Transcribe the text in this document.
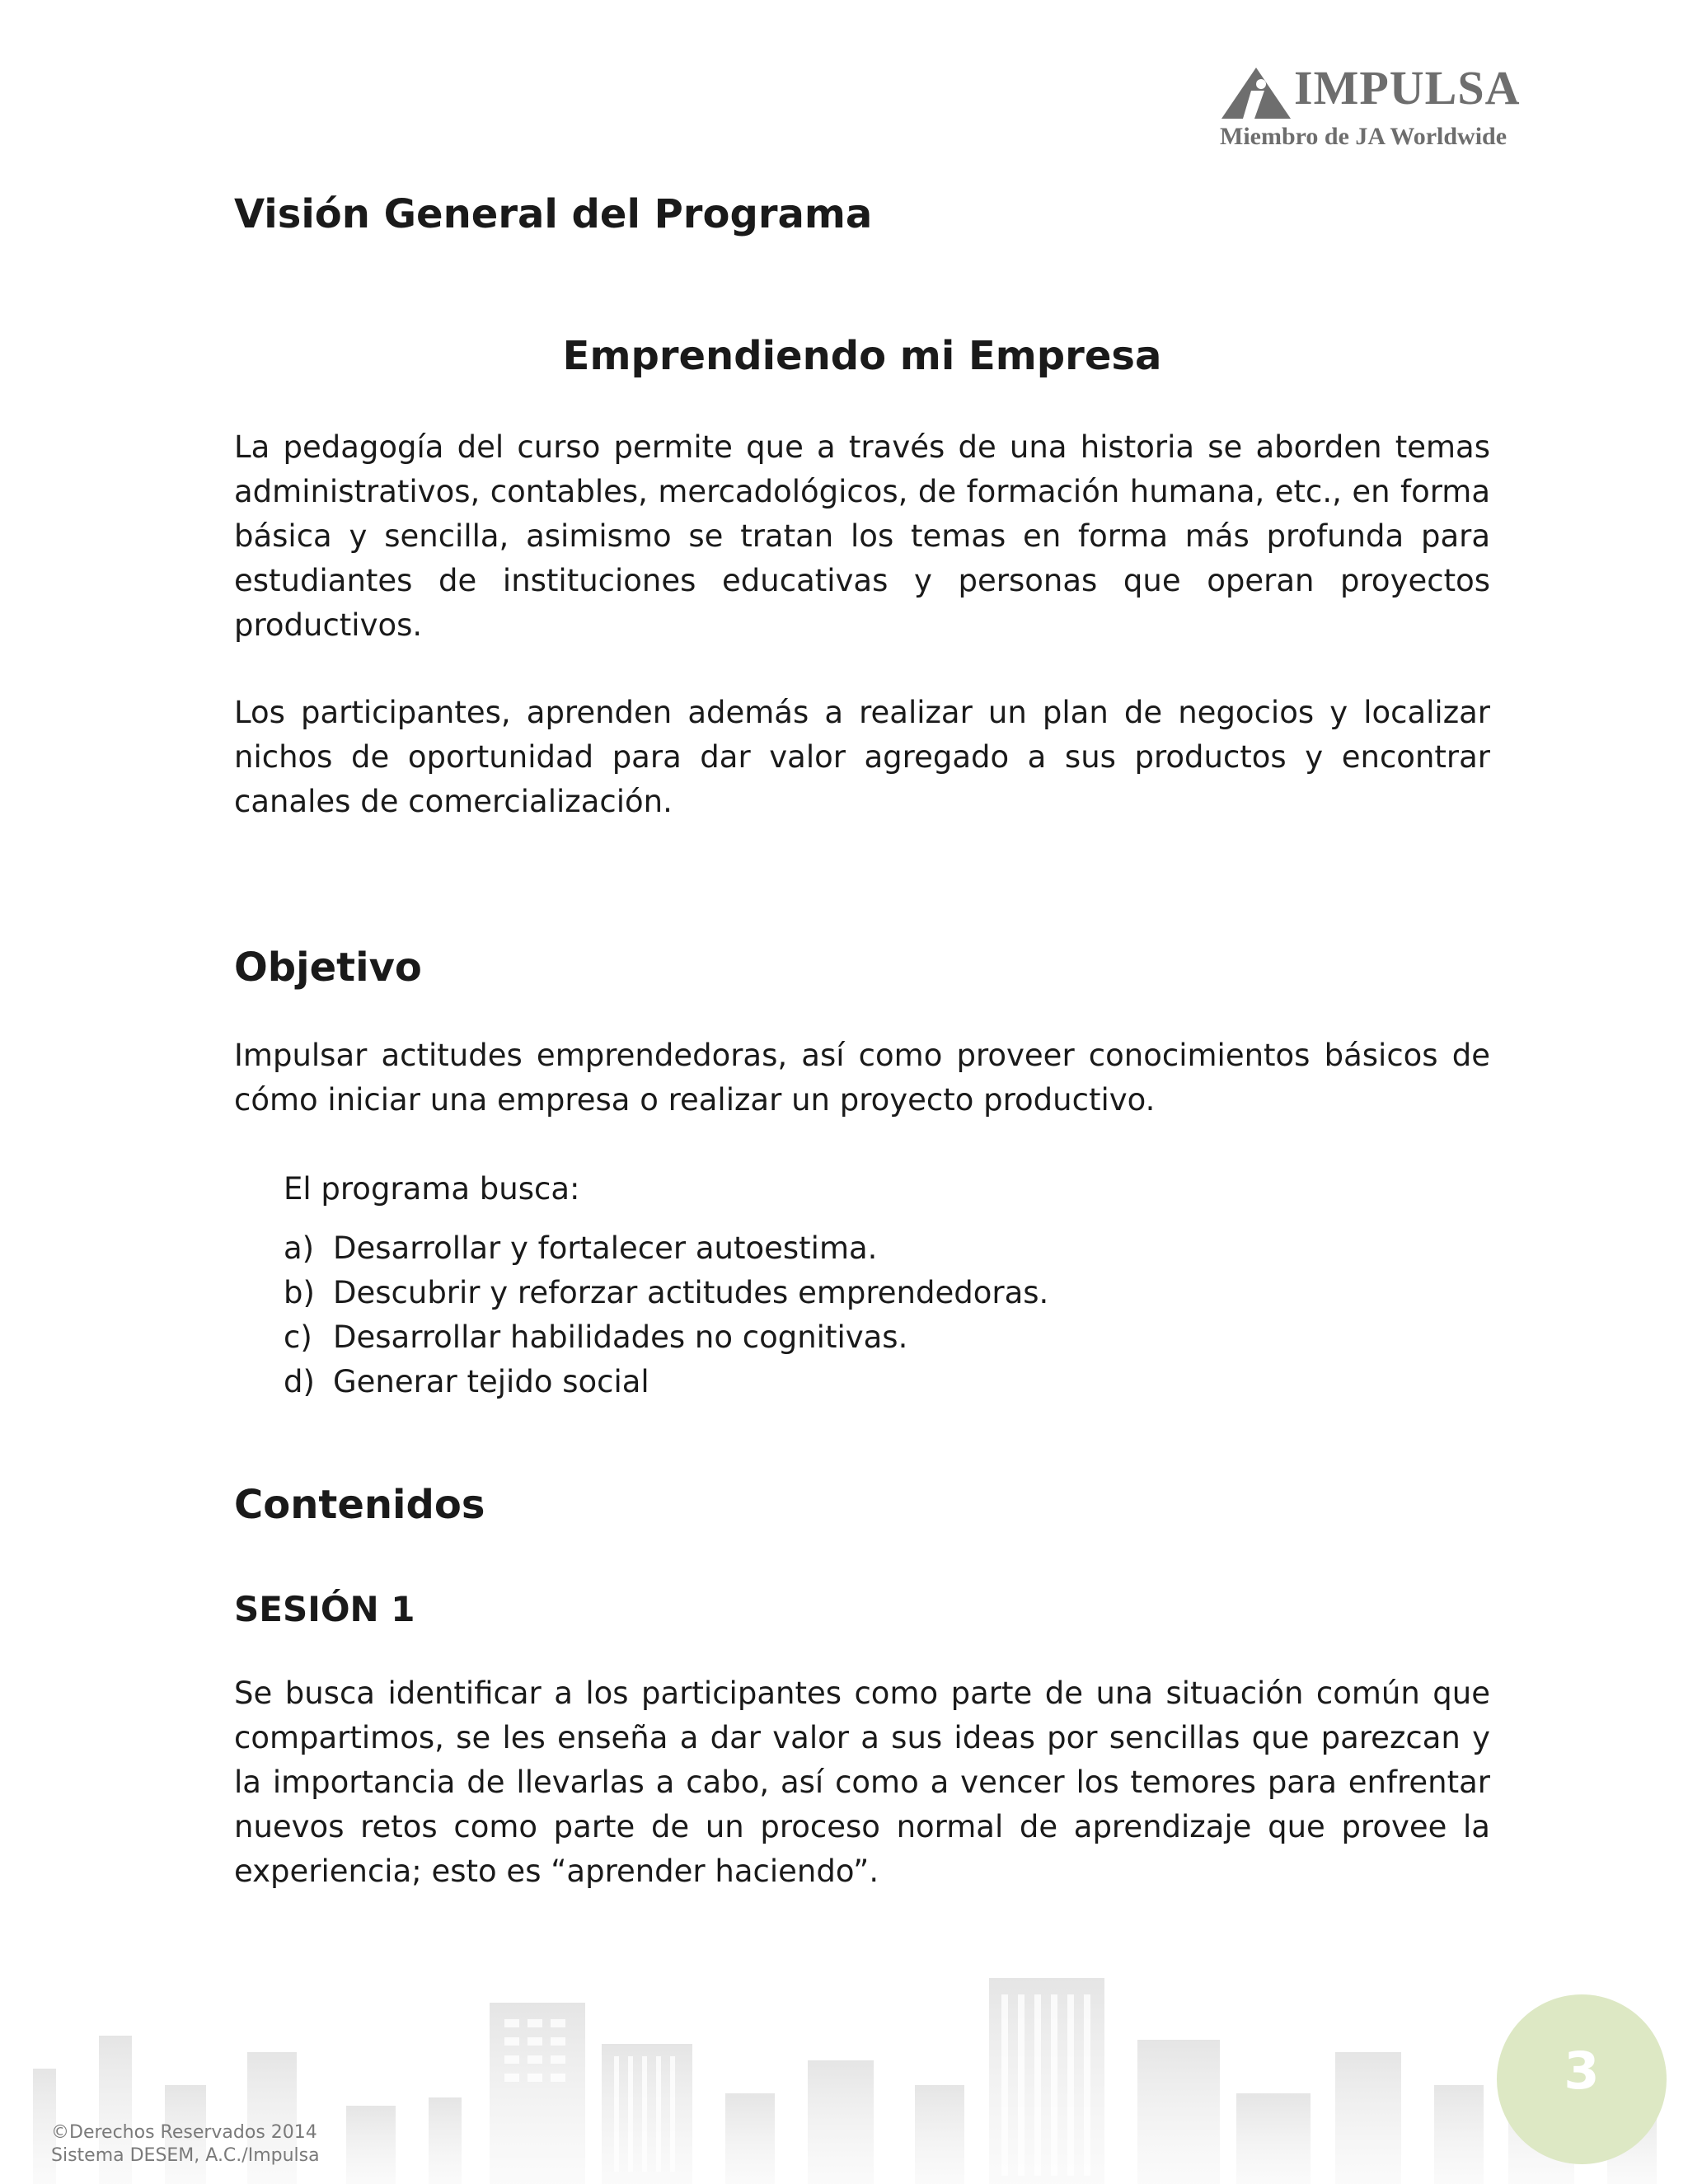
IMPULSA
Miembro de JA Worldwide
Visión General del Programa
Emprendiendo mi Empresa

La pedagogía del curso permite que a través de una historia se aborden temas administrativos, contables, mercadológicos, de formación humana, etc., en forma básica y sencilla, asimismo se tratan los temas en forma más profunda para estudiantes de instituciones educativas y personas que operan proyectos productivos.

Los participantes, aprenden además a realizar un plan de negocios y localizar nichos de oportunidad para dar valor agregado a sus productos y encontrar canales de comercialización.

Objetivo

Impulsar actitudes emprendedoras, así como proveer conocimientos básicos de cómo iniciar una empresa o realizar un proyecto productivo.

El programa busca:

a) Desarrollar y fortalecer autoestima.
b) Descubrir y reforzar actitudes emprendedoras.
c) Desarrollar habilidades no cognitivas.
d) Generar tejido social
Contenidos
SESIÓN 1

Se busca identificar a los participantes como parte de una situación común que compartimos, se les enseña a dar valor a sus ideas por sencillas que parezcan y la importancia de llevarlas a cabo, así como a vencer los temores para enfrentar nuevos retos como parte de un proceso normal de aprendizaje que provee la experiencia; esto es “aprender haciendo”.

©Derechos Reservados 2014
Sistema DESEM, A.C./Impulsa
3
